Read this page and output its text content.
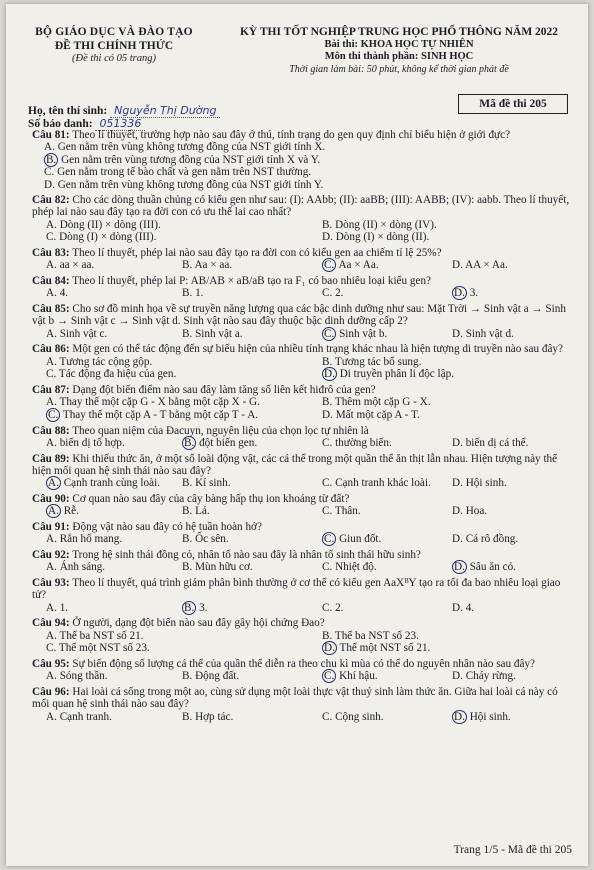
BỘ GIÁO DỤC VÀ ĐÀO TẠO
ĐỀ THI CHÍNH THỨC
(Đề thi có 05 trang)
KỲ THI TỐT NGHIỆP TRUNG HỌC PHỔ THÔNG NĂM 2022
Bài thi: KHOA HỌC TỰ NHIÊN
Môn thi thành phần: SINH HỌC
Thời gian làm bài: 50 phút, không kể thời gian phát đề
Mã đề thi 205
Họ, tên thí sinh: Nguyễn Thị Dường
Số báo danh: 051336
Câu 81: Theo lí thuyết, trường hợp nào sau đây ở thú, tính trạng do gen quy định chỉ biểu hiện ở giới đực?
A. Gen nằm trên vùng không tương đồng của NST giới tính X.
B. Gen nằm trên vùng tương đồng của NST giới tính X và Y.
C. Gen nằm trong tế bào chất và gen nằm trên NST thường.
D. Gen nằm trên vùng không tương đồng của NST giới tính Y.
Câu 82: Cho các dòng thuần chủng có kiểu gen như sau: (I): AAbb; (II): aaBB; (III): AABB; (IV): aabb. Theo lí thuyết, phép lai nào sau đây tạo ra đời con có ưu thế lai cao nhất?
A. Dòng (II) × dòng (III).	B. Dòng (II) × dòng (IV).
C. Dòng (I) × dòng (III).	D. Dòng (I) × dòng (II).
Câu 83: Theo lí thuyết, phép lai nào sau đây tạo ra đời con có kiểu gen aa chiếm tỉ lệ 25%?
A. aa × aa.	B. Aa × aa.	C. Aa × Aa.	D. AA × Aa.
Câu 84: Theo lí thuyết, phép lai P: AB/AB × aB/aB tạo ra F₁ có bao nhiêu loại kiểu gen?
A. 4.	B. 1.	C. 2.	D. 3.
Câu 85: Cho sơ đồ minh họa về sự truyền năng lượng qua các bậc dinh dưỡng như sau: Mặt Trời → Sinh vật a → Sinh vật b → Sinh vật c → Sinh vật d. Sinh vật nào sau đây thuộc bậc dinh dưỡng cấp 2?
A. Sinh vật c.	B. Sinh vật a.	C. Sinh vật b.	D. Sinh vật d.
Câu 86: Một gen có thể tác động đến sự biểu hiện của nhiều tính trạng khác nhau là hiện tượng di truyền nào sau đây?
A. Tương tác cộng gộp.	B. Tương tác bổ sung.
C. Tác động đa hiệu của gen.	D. Di truyền phân li độc lập.
Câu 87: Dạng đột biến điểm nào sau đây làm tăng số liên kết hiđrô của gen?
A. Thay thế một cặp G - X bằng một cặp X - G.	B. Thêm một cặp G - X.
C. Thay thế một cặp A - T bằng một cặp T - A.	D. Mất một cặp A - T.
Câu 88: Theo quan niệm của Đacuyn, nguyên liệu của chọn lọc tự nhiên là
A. biến dị tổ hợp.	B. đột biến gen.	C. thường biến.	D. biến dị cá thể.
Câu 89: Khi thiếu thức ăn, ở một số loài động vật, các cá thể trong một quần thể ăn thịt lẫn nhau. Hiện tượng này thể hiện mối quan hệ sinh thái nào sau đây?
A. Cạnh tranh cùng loài. B. Kí sinh.	C. Cạnh tranh khác loài. D. Hội sinh.
Câu 90: Cơ quan nào sau đây của cây bàng hấp thụ ion khoáng từ đất?
A. Rễ.	B. Lá.	C. Thân.	D. Hoa.
Câu 91: Động vật nào sau đây có hệ tuần hoàn hở?
A. Rắn hổ mang.	B. Ốc sên.	C. Giun đốt.	D. Cá rô đồng.
Câu 92: Trong hệ sinh thái đồng cỏ, nhân tố nào sau đây là nhân tố sinh thái hữu sinh?
A. Ánh sáng.	B. Mùn hữu cơ.	C. Nhiệt độ.	D. Sâu ăn cỏ.
Câu 93: Theo lí thuyết, quá trình giảm phân bình thường ở cơ thể có kiểu gen AaXᴮY tạo ra tối đa bao nhiêu loại giao tử?
A. 1.	B. 3.	C. 2.	D. 4.
Câu 94: Ở người, dạng đột biến nào sau đây gây hội chứng Đao?
A. Thể ba NST số 21.	B. Thể ba NST số 23.
C. Thể một NST số 23.	D. Thể một NST số 21.
Câu 95: Sự biến động số lượng cá thể của quần thể diễn ra theo chu kì mùa có thể do nguyên nhân nào sau đây?
A. Sóng thần.	B. Động đất.	C. Khí hậu.	D. Cháy rừng.
Câu 96: Hai loài cá sống trong một ao, cùng sử dụng một loài thực vật thuỷ sinh làm thức ăn. Giữa hai loài cá này có mối quan hệ sinh thái nào sau đây?
A. Cạnh tranh.	B. Hợp tác.	C. Cộng sinh.	D. Hội sinh.
Trang 1/5 - Mã đề thi 205
